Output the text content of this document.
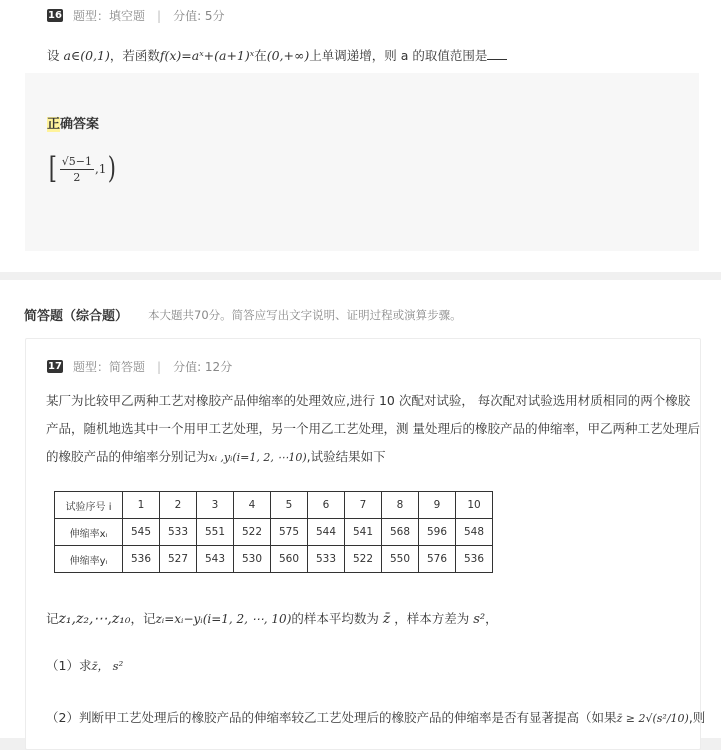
16 题型：填空题 | 分值: 5分
设 a∈(0,1)，若函数f(x)=aˣ+(a+1)ˣ在(0,+∞)上单调递增，则 a 的取值范围是
正确答案
[ $\frac{√5-1}{2} ,1$ )
简答题（综合题） 本大题共70分。简答应写出文字说明、证明过程或演算步骤。
17 题型：简答题 | 分值: 12分
某厂为比较甲乙两种工艺对橡胶产品伸缩率的处理效应,进行 10 次配对试验， 每次配对试验选用材质相同的两个橡胶
产品，随机地选其中一个用甲工艺处理，另一个用乙工艺处理，测 量处理后的橡胶产品的伸缩率，甲乙两种工艺处理后
的橡胶产品的伸缩率分别记为xᵢ ,yᵢ(i=1, 2, ⋯10),试验结果如下
试验序号 i	1	2	3	4	5	6	7	8	9	10
伸缩率xᵢ	545	533	551	522	575	544	541	568	596	548
伸缩率yᵢ	536	527	543	530	560	533	522	550	576	536
记z₁,z₂,⋯,z₁₀，记zᵢ=xᵢ−yᵢ(i=1, 2, ⋯, 10)的样本平均数为 z̄ ，样本方差为 s²，
（1）求z̄， s²
（2）判断甲工艺处理后的橡胶产品的伸缩率较乙工艺处理后的橡胶产品的伸缩率是否有显著提高（如果z̄ ≥ 2√(s²/10),则
